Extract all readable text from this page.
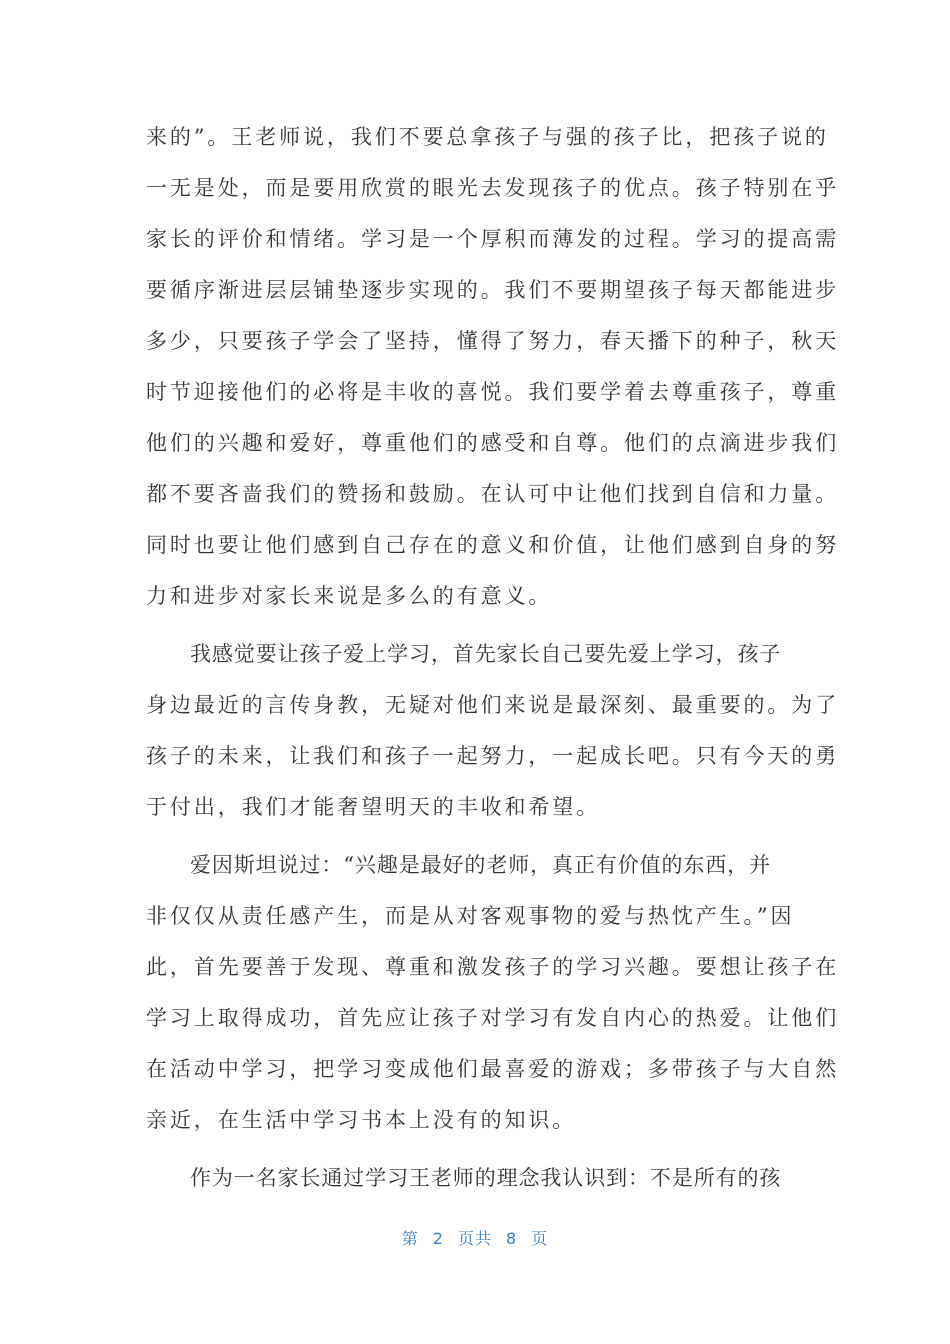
来的”。王老师说，我们不要总拿孩子与强的孩子比，把孩子说的
一无是处，而是要用欣赏的眼光去发现孩子的优点。孩子特别在乎
家长的评价和情绪。学习是一个厚积而薄发的过程。学习的提高需
要循序渐进层层铺垫逐步实现的。我们不要期望孩子每天都能进步
多少，只要孩子学会了坚持，懂得了努力，春天播下的种子，秋天
时节迎接他们的必将是丰收的喜悦。我们要学着去尊重孩子，尊重
他们的兴趣和爱好，尊重他们的感受和自尊。他们的点滴进步我们
都不要吝啬我们的赞扬和鼓励。在认可中让他们找到自信和力量。
同时也要让他们感到自己存在的意义和价值，让他们感到自身的努
力和进步对家长来说是多么的有意义。
我感觉要让孩子爱上学习，首先家长自己要先爱上学习，孩子
身边最近的言传身教，无疑对他们来说是最深刻、最重要的。为了
孩子的未来，让我们和孩子一起努力，一起成长吧。只有今天的勇
于付出，我们才能奢望明天的丰收和希望。
爱因斯坦说过：“兴趣是最好的老师，真正有价值的东西，并
非仅仅从责任感产生，而是从对客观事物的爱与热忱产生。”因
此，首先要善于发现、尊重和激发孩子的学习兴趣。要想让孩子在
学习上取得成功，首先应让孩子对学习有发自内心的热爱。让他们
在活动中学习，把学习变成他们最喜爱的游戏；多带孩子与大自然
亲近，在生活中学习书本上没有的知识。
作为一名家长通过学习王老师的理念我认识到：不是所有的孩
第 2 页共 8 页
